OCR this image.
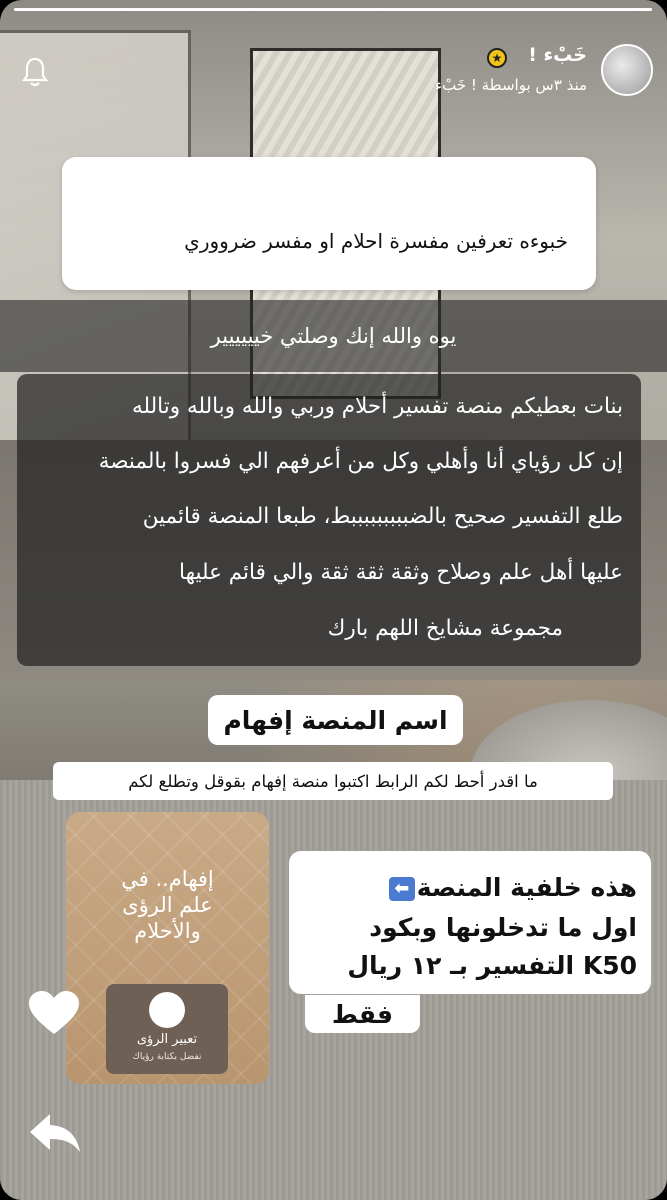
★ خَبْء !
منذ ٣س بواسطة ! خَبْء
خبوءه تعرفين مفسرة احلام او مفسر ضرووري
يوه والله إنك وصلتي خيييييير
بنات بعطيكم منصة تفسير أحلام وربي والله وبالله وتالله
إن كل رؤياي أنا وأهلي وكل من أعرفهم الي فسروا بالمنصة
طلع التفسير صحيح بالضبببببببببط، طبعا المنصة قائمين
عليها أهل علم وصلاح وثقة ثقة ثقة والي قائم عليها
مجموعة مشايخ اللهم بارك
اسم المنصة إفهام
ما اقدر أحط لكم الرابط اكتبوا منصة إفهام بقوقل وتطلع لكم
إفهام.. في
علم الرؤى
والأحلام
تعبير الرؤى
تفضل بكتابة رؤياك
هذه خلفية المنصة⬅
اول ما تدخلونها وبكود
K50 التفسير بـ ١٢ ريال
فقط
